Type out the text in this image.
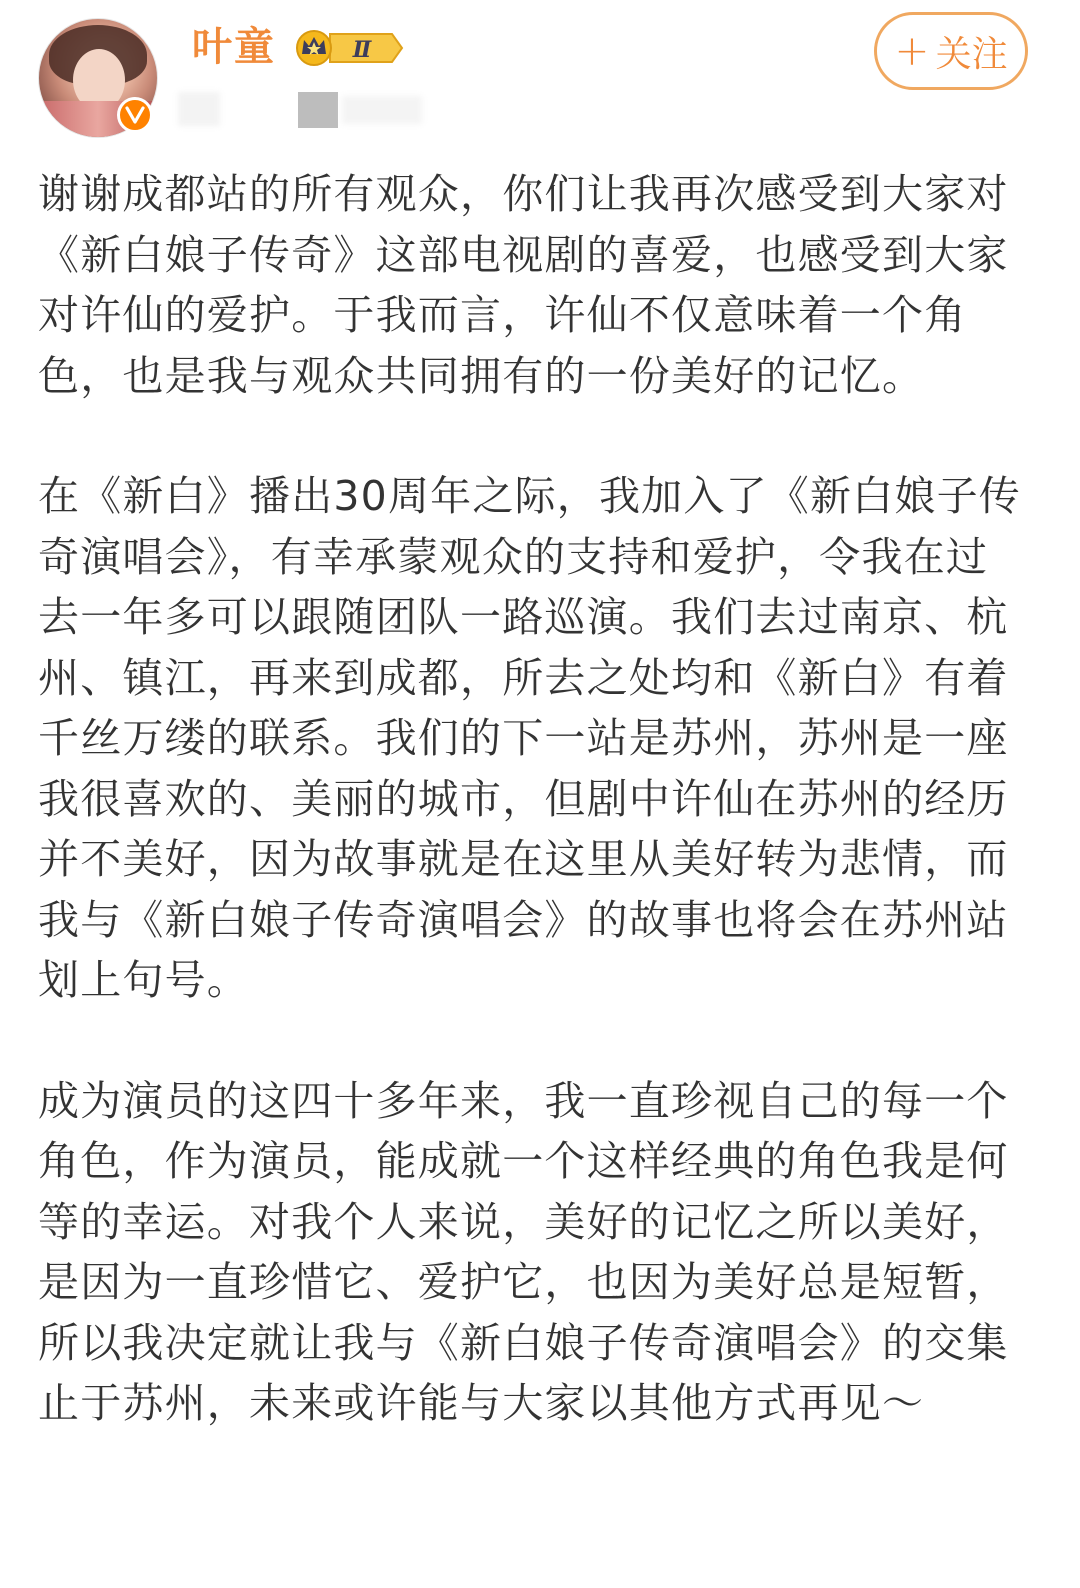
叶童	Ⅱ	+ 关注

谢谢成都站的所有观众，你们让我再次感受到大家对《新白娘子传奇》这部电视剧的喜爱，也感受到大家对许仙的爱护。于我而言，许仙不仅意味着一个角色，也是我与观众共同拥有的一份美好的记忆。

在《新白》播出30周年之际，我加入了《新白娘子传奇演唱会》，有幸承蒙观众的支持和爱护，令我在过去一年多可以跟随团队一路巡演。我们去过南京、杭州、镇江，再来到成都，所去之处均和《新白》有着千丝万缕的联系。我们的下一站是苏州，苏州是一座我很喜欢的、美丽的城市，但剧中许仙在苏州的经历并不美好，因为故事就是在这里从美好转为悲情，而我与《新白娘子传奇演唱会》的故事也将会在苏州站划上句号。

成为演员的这四十多年来，我一直珍视自己的每一个角色，作为演员，能成就一个这样经典的角色我是何等的幸运。对我个人来说，美好的记忆之所以美好，是因为一直珍惜它、爱护它，也因为美好总是短暂，所以我决定就让我与《新白娘子传奇演唱会》的交集止于苏州，未来或许能与大家以其他方式再见～
